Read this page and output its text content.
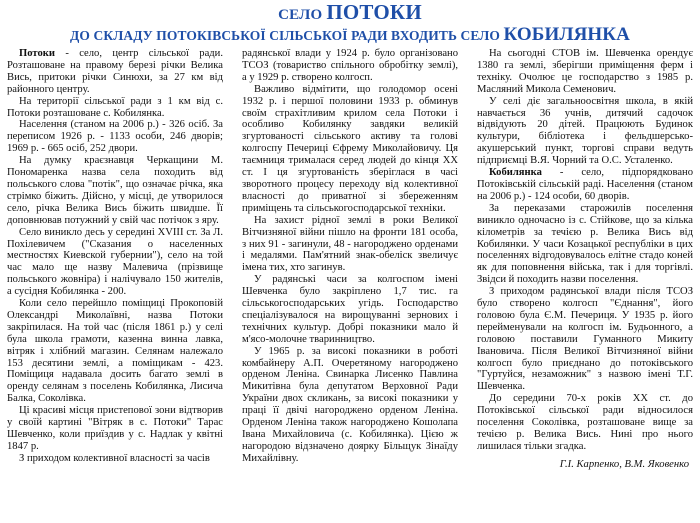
СЕЛО ПОТОКИ
ДО СКЛАДУ ПОТОКІВСЬКОЇ СІЛЬСЬКОЇ РАДИ ВХОДИТЬ СЕЛО КОБИЛЯНКА

Потоки - село, центр сільської ради. Розташоване на правому березі річки Велика Вись, притоки річки Синюхи, за 27 км від районного центру.

На території сільської ради з 1 км від с. Потоки розташоване с. Кобилянка.

Населення (станом на 2006 р.) - 326 осіб. За переписом 1926 р. - 1133 особи, 246 дворів; 1969 р. - 665 осіб, 252 двори.

На думку краєзнавця Черкащини М. Пономаренка назва села походить від польського слова "потік", що означає річка, яка стрімко біжить. Дійсно, у місці, де утворилося село, річка Велика Вись біжить швидше. Її доповнював потужний у свій час потічок з яру.

Село виникло десь у середині XVIII ст. За Л. Похілевичем ("Сказания о населенных местностях Киевской губернии"), село на той час мало ще назву Малевича (прізвище польського жовніра) і налічувало 150 жителів, а сусідня Кобилянка - 200.

Коли село перейшло поміщиці Прокоповій Олександрі Миколаївні, назва Потоки закріпилася. На той час (після 1861 р.) у селі була школа грамоти, казенна винна лавка, вітряк і хлібний магазин. Селянам належало 153 десятини землі, а поміщикам - 423. Поміщиця надавала досить багато землі в оренду селянам з поселень Кобилянка, Лисича Балка, Соколівка.

Ці красиві місця пристепової зони відтворив у своїй картині "Вітряк в с. Потоки" Тарас Шевченко, коли приїздив у с. Надлак у квітні 1847 р.

З приходом колективної власності за часів

радянської влади у 1924 р. було організовано ТСОЗ (товариство спільного обробітку землі), а у 1929 р. створено колгосп.

Важливо відмітити, що голодомор осені 1932 р. і першої половини 1933 р. обминув своїм страхітливим крилом села Потоки і особливо Кобилянку завдяки великій згуртованості сільського активу та голові колгоспу Печериці Єфрему Миколайовичу. Ця таємниця трималася серед людей до кінця XX ст. І ця згуртованість зберіглася в часі зворотного процесу переходу від колективної власності до приватної зі збереженням приміщень та сільськогосподарської техніки.

На захист рідної землі в роки Великої Вітчизняної війни пішло на фронти 181 особа, з них 91 - загинули, 48 - нагороджено орденами і медалями. Пам'ятний знак-обеліск звеличує імена тих, хто загинув.

У радянські часи за колгоспом імені Шевченка було закріплено 1,7 тис. га сільськогосподарських угідь. Господарство спеціалізувалося на вирощуванні зернових і технічних культур. Добрі показники мало й м'ясо-молочне тваринництво.

У 1965 р. за високі показники в роботі комбайнеру А.П. Очеретяному нагороджено орденом Леніна. Свинарка Лисенко Павлина Микитівна була депутатом Верховної Ради України двох скликань, за високі показники у праці її двічі нагороджено орденом Леніна. Орденом Леніна також нагороджено Кошолапа Івана Михайловича (с. Кобилянка). Цією ж нагородою відзначено доярку Більщук Зінаїду Михайлівну.

На сьогодні СТОВ ім. Шевченка орендує 1380 га землі, зберігши приміщення ферм і техніку. Очолює це господарство з 1985 р. Масляний Микола Семенович.

У селі діє загальноосвітня школа, в якій навчається 36 учнів, дитячий садочок відвідують 20 дітей. Працюють Будинок культури, бібліотека і фельдшерсько-акушерський пункт, торгові справи ведуть підприємці В.Я. Чорний та О.С. Усталенко.

Кобилянка - село, підпорядковано Потоківській сільській раді. Населення (станом на 2006 р.) - 124 особи, 60 дворів.

За переказами старожилів поселення виникло одночасно із с. Стійкове, що за кілька кілометрів за течією р. Велика Вись від Кобилянки. У часи Козацької республіки в цих поселеннях відгодовувалось елітне стадо коней як для поповнення війська, так і для торгівлі. Звідси й походить назви поселення.

З приходом радянської влади після ТСОЗ було створено колгосп "Єднання", його головою була Є.М. Печериця. У 1935 р. його перейменували на колгосп ім. Будьонного, а головою поставили Гуманного Микиту Івановича. Після Великої Вітчизняної війни колгосп було приєднано до потоківського "Гуртуйся, незаможник" з назвою імені Т.Г. Шевченка.

До середини 70-х років XX ст. до Потоківської сільської ради відносилося поселення Соколівка, розташоване вище за течією р. Велика Вись. Нині про нього лишилася тільки згадка.

Г.І. Карпенко, В.М. Яковенко
